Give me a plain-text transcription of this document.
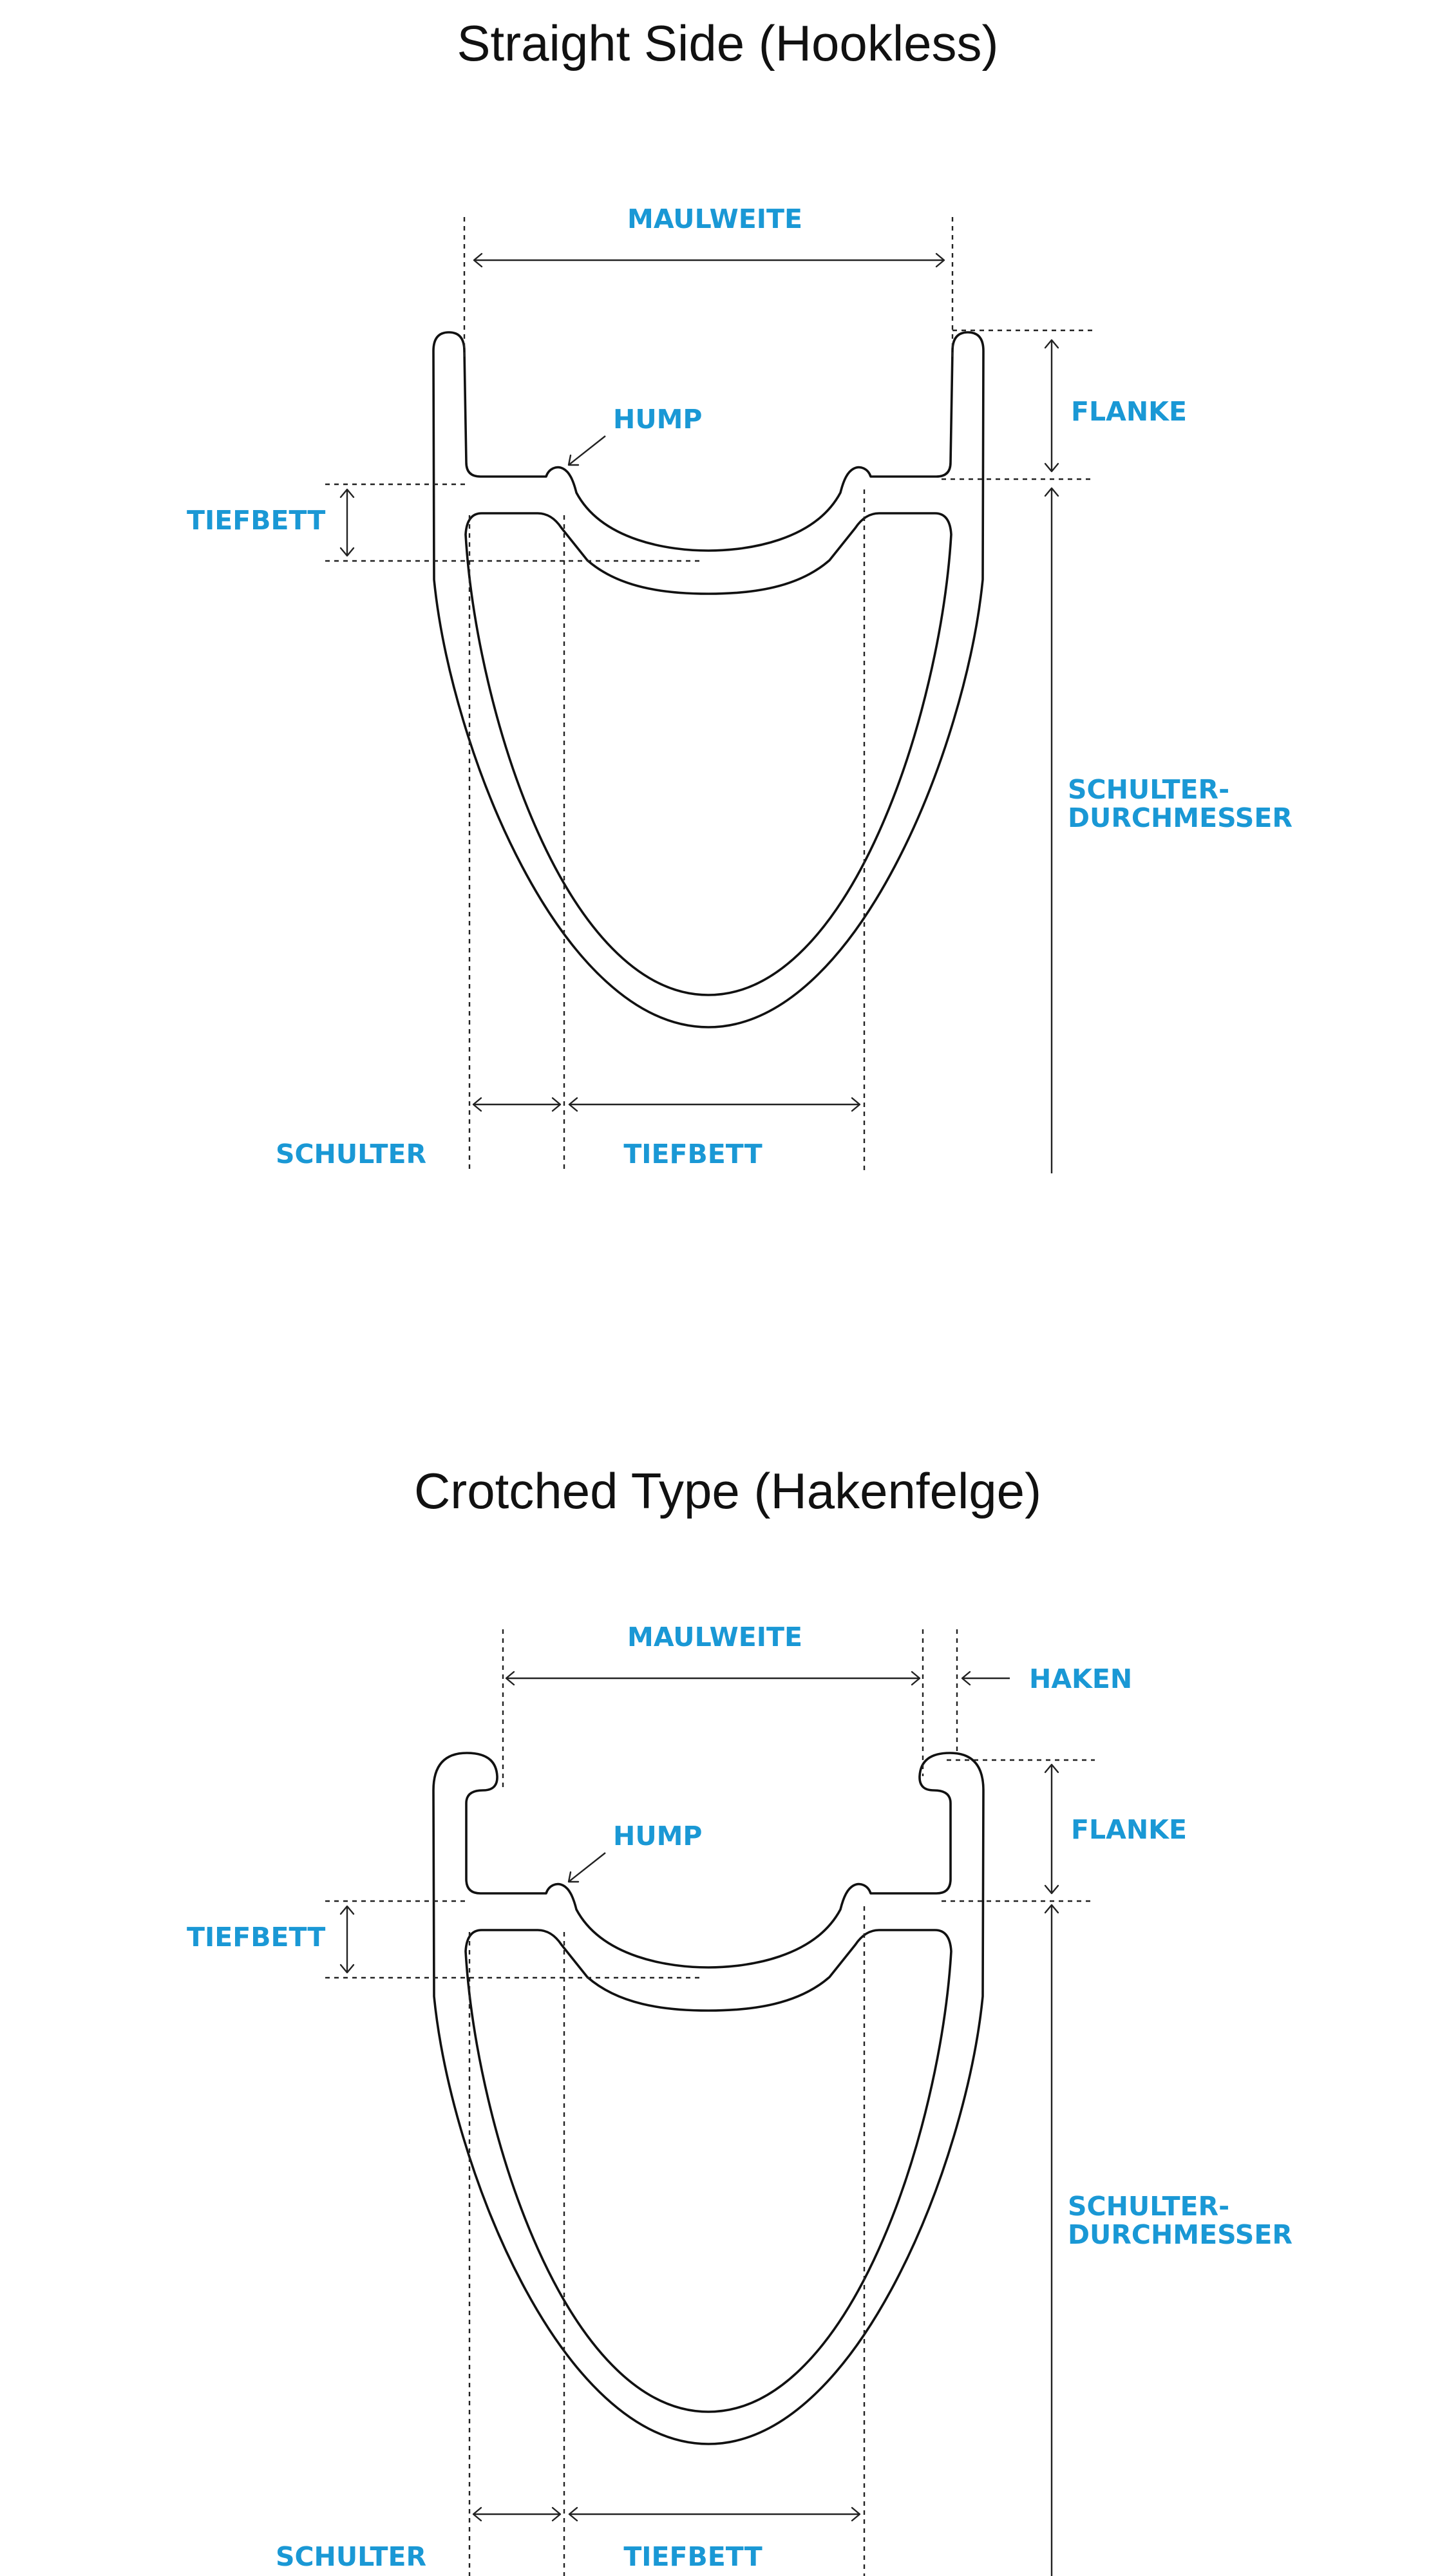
Straight Side (Hookless)
MAULWEITE
FLANKE
SCHULTER-
DURCHMESSER
HUMP
TIEFBETT
SCHULTER	TIEFBETT
Crotched Type (Hakenfelge)
MAULWEITE
HAKEN
FLANKE
SCHULTER-
DURCHMESSER
HUMP
TIEFBETT
SCHULTER	TIEFBETT
